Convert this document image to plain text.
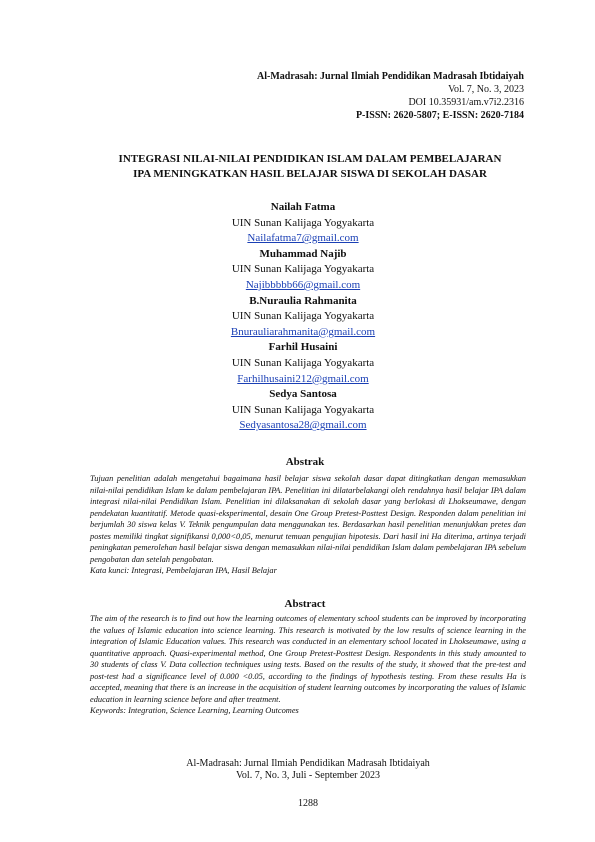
Al-Madrasah: Jurnal Ilmiah Pendidikan Madrasah Ibtidaiyah
Vol. 7, No. 3, 2023
DOI 10.35931/am.v7i2.2316
P-ISSN: 2620-5807; E-ISSN: 2620-7184
INTEGRASI NILAI-NILAI PENDIDIKAN ISLAM DALAM PEMBELAJARAN
IPA MENINGKATKAN HASIL BELAJAR SISWA DI SEKOLAH DASAR
Nailah Fatma
UIN Sunan Kalijaga Yogyakarta
Nailafatma7@gmail.com
Muhammad Najib
UIN Sunan Kalijaga Yogyakarta
Najibbbbb66@gmail.com
B.Nuraulia Rahmanita
UIN Sunan Kalijaga Yogyakarta
Bnurauliarahmanita@gmail.com
Farhil Husaini
UIN Sunan Kalijaga Yogyakarta
Farhilhusaini212@gmail.com
Sedya Santosa
UIN Sunan Kalijaga Yogyakarta
Sedyasantosa28@gmail.com
Abstrak

Tujuan penelitian adalah mengetahui bagaimana hasil belajar siswa sekolah dasar dapat ditingkatkan dengan memasukkan nilai-nilai pendidikan Islam ke dalam pembelajaran IPA. Penelitian ini dilatarbelakangi oleh rendahnya hasil belajar IPA dalam integrasi nilai-nilai Pendidikan Islam. Penelitian ini dilaksanakan di sekolah dasar yang berlokasi di Lhokseumawe, dengan pendekatan kuantitatif. Metode quasi-eksperimental, desain One Group Pretest-Posttest Design. Responden dalam penelitian ini berjumlah 30 siswa kelas V. Teknik pengumpulan data menggunakan tes. Berdasarkan hasil penelitian menunjukkan pretes dan postes memiliki tingkat signifikansi 0,000<0,05, menurut temuan pengujian hipotesis. Dari hasil ini Ha diterima, artinya terjadi peningkatan pemerolehan hasil belajar siswa dengan memasukkan nilai-nilai pendidikan Islam dalam pembelajaran IPA sebelum pengobatan dan setelah pengobatan.

Kata kunci: Integrasi, Pembelajaran IPA, Hasil Belajar

Abstract

The aim of the research is to find out how the learning outcomes of elementary school students can be improved by incorporating the values of Islamic education into science learning. This research is motivated by the low results of science learning in the integration of Islamic Education values. This research was conducted in an elementary school located in Lhokseumawe, using a quantitative approach. Quasi-experimental method, One Group Pretest-Posttest Design. Respondents in this study amounted to 30 students of class V. Data collection techniques using tests. Based on the results of the study, it showed that the pre-test and post-test had a significance level of 0.000 <0.05, according to the findings of hypothesis testing. From these results Ha is accepted, meaning that there is an increase in the acquisition of student learning outcomes by incorporating the values of Islamic education in learning science before and after treatment.

Keywords: Integration, Science Learning, Learning Outcomes

Al-Madrasah: Jurnal Ilmiah Pendidikan Madrasah Ibtidaiyah
Vol. 7, No. 3, Juli - September 2023
1288
